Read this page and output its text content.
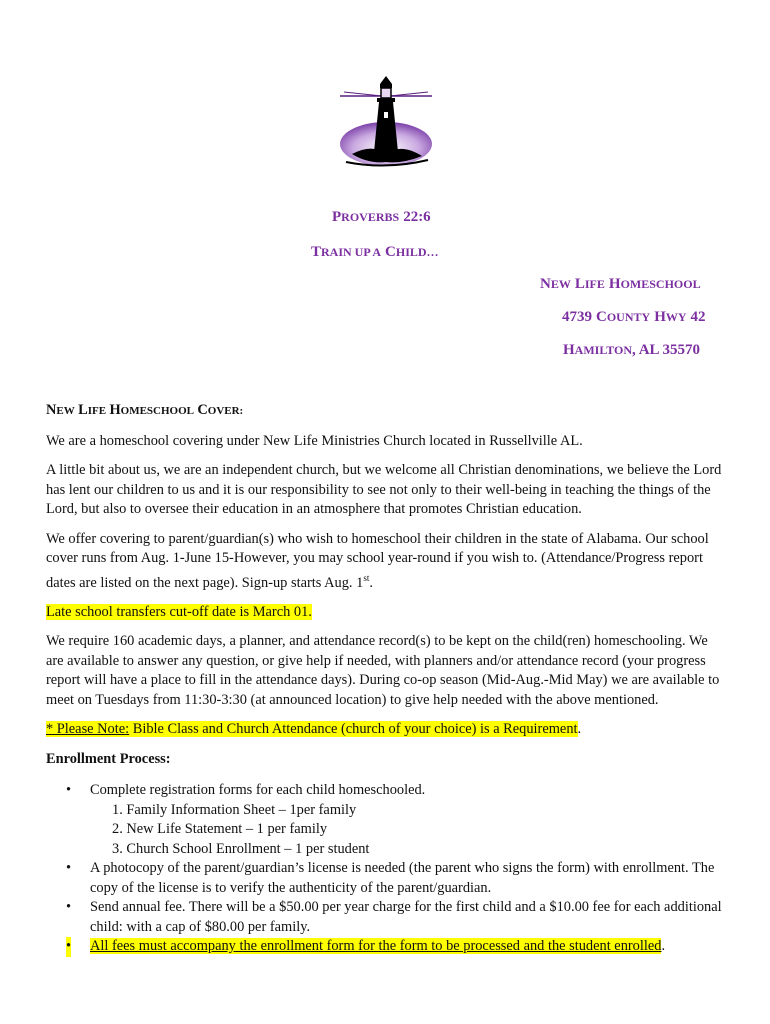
PROVERBS 22:6
TRAIN UP A CHILD…
NEW LIFE HOMESCHOOL
4739 COUNTY HWY 42
HAMILTON, AL 35570
NEW LIFE HOMESCHOOL COVER:

We are a homeschool covering under New Life Ministries Church located in Russellville AL.

A little bit about us, we are an independent church, but we welcome all Christian denominations, we believe the Lord has lent our children to us and it is our responsibility to see not only to their well-being in teaching the things of the Lord, but also to oversee their education in an atmosphere that promotes Christian education.

We offer covering to parent/guardian(s) who wish to homeschool their children in the state of Alabama. Our school cover runs from Aug. 1-June 15-However, you may school year-round if you wish to. (Attendance/Progress report dates are listed on the next page). Sign-up starts Aug. 1st.

Late school transfers cut-off date is March 01.

We require 160 academic days, a planner, and attendance record(s) to be kept on the child(ren) homeschooling. We are available to answer any question, or give help if needed, with planners and/or attendance record (your progress report will have a place to fill in the attendance days). During co-op season (Mid-Aug.-Mid May) we are available to meet on Tuesdays from 11:30-3:30 (at announced location) to give help needed with the above mentioned.

* Please Note: Bible Class and Church Attendance (church of your choice) is a Requirement.

Enrollment Process:
• Complete registration forms for each child homeschooled.
1. Family Information Sheet – 1per family
2. New Life Statement – 1 per family
3. Church School Enrollment – 1 per student
• A photocopy of the parent/guardian’s license is needed (the parent who signs the form) with enrollment. The copy of the license is to verify the authenticity of the parent/guardian.
• Send annual fee. There will be a $50.00 per year charge for the first child and a $10.00 fee for each additional child: with a cap of $80.00 per family.
• All fees must accompany the enrollment form for the form to be processed and the student enrolled.
